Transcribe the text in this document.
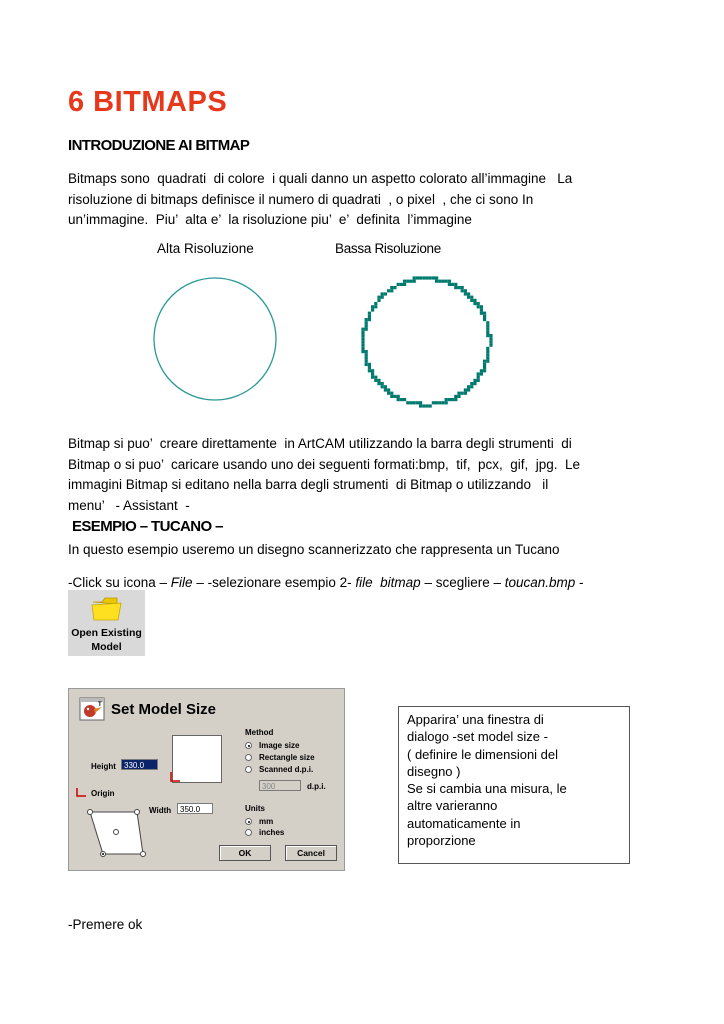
6 BITMAPS
INTRODUZIONE AI BITMAP
Bitmaps sono  quadrati  di colore  i quali danno un aspetto colorato all’immagine   La
risoluzione di bitmaps definisce il numero di quadrati  , o pixel  , che ci sono In
un’immagine.  Piu’  alta e’  la risoluzione piu’  e’  definita  l’immagine
Alta Risoluzione	Bassa Risoluzione
Bitmap si puo’  creare direttamente  in ArtCAM utilizzando la barra degli strumenti  di
Bitmap o si puo’  caricare usando uno dei seguenti formati:bmp,  tif,  pcx,  gif,  jpg.  Le
immagini Bitmap si editano nella barra degli strumenti  di Bitmap o utilizzando   il
menu’   - Assistant  -
ESEMPIO – TUCANO –
In questo esempio useremo un disegno scannerizzato che rappresenta un Tucano
-Click su icona – File – -selezionare esempio 2- file  bitmap – scegliere – toucan.bmp -
Open Existing
Model
T Set Model Size
Height	330.0
Origin
Width	350.0
Method
Image size
Rectangle size
Scanned d.p.i.
300	d.p.i.
Units
mm
inches
OK	Cancel
Apparira’ una finestra di
dialogo -set model size -
( definire le dimensioni del
disegno )
Se si cambia una misura, le
altre varieranno
automaticamente in
proporzione
-Premere ok
